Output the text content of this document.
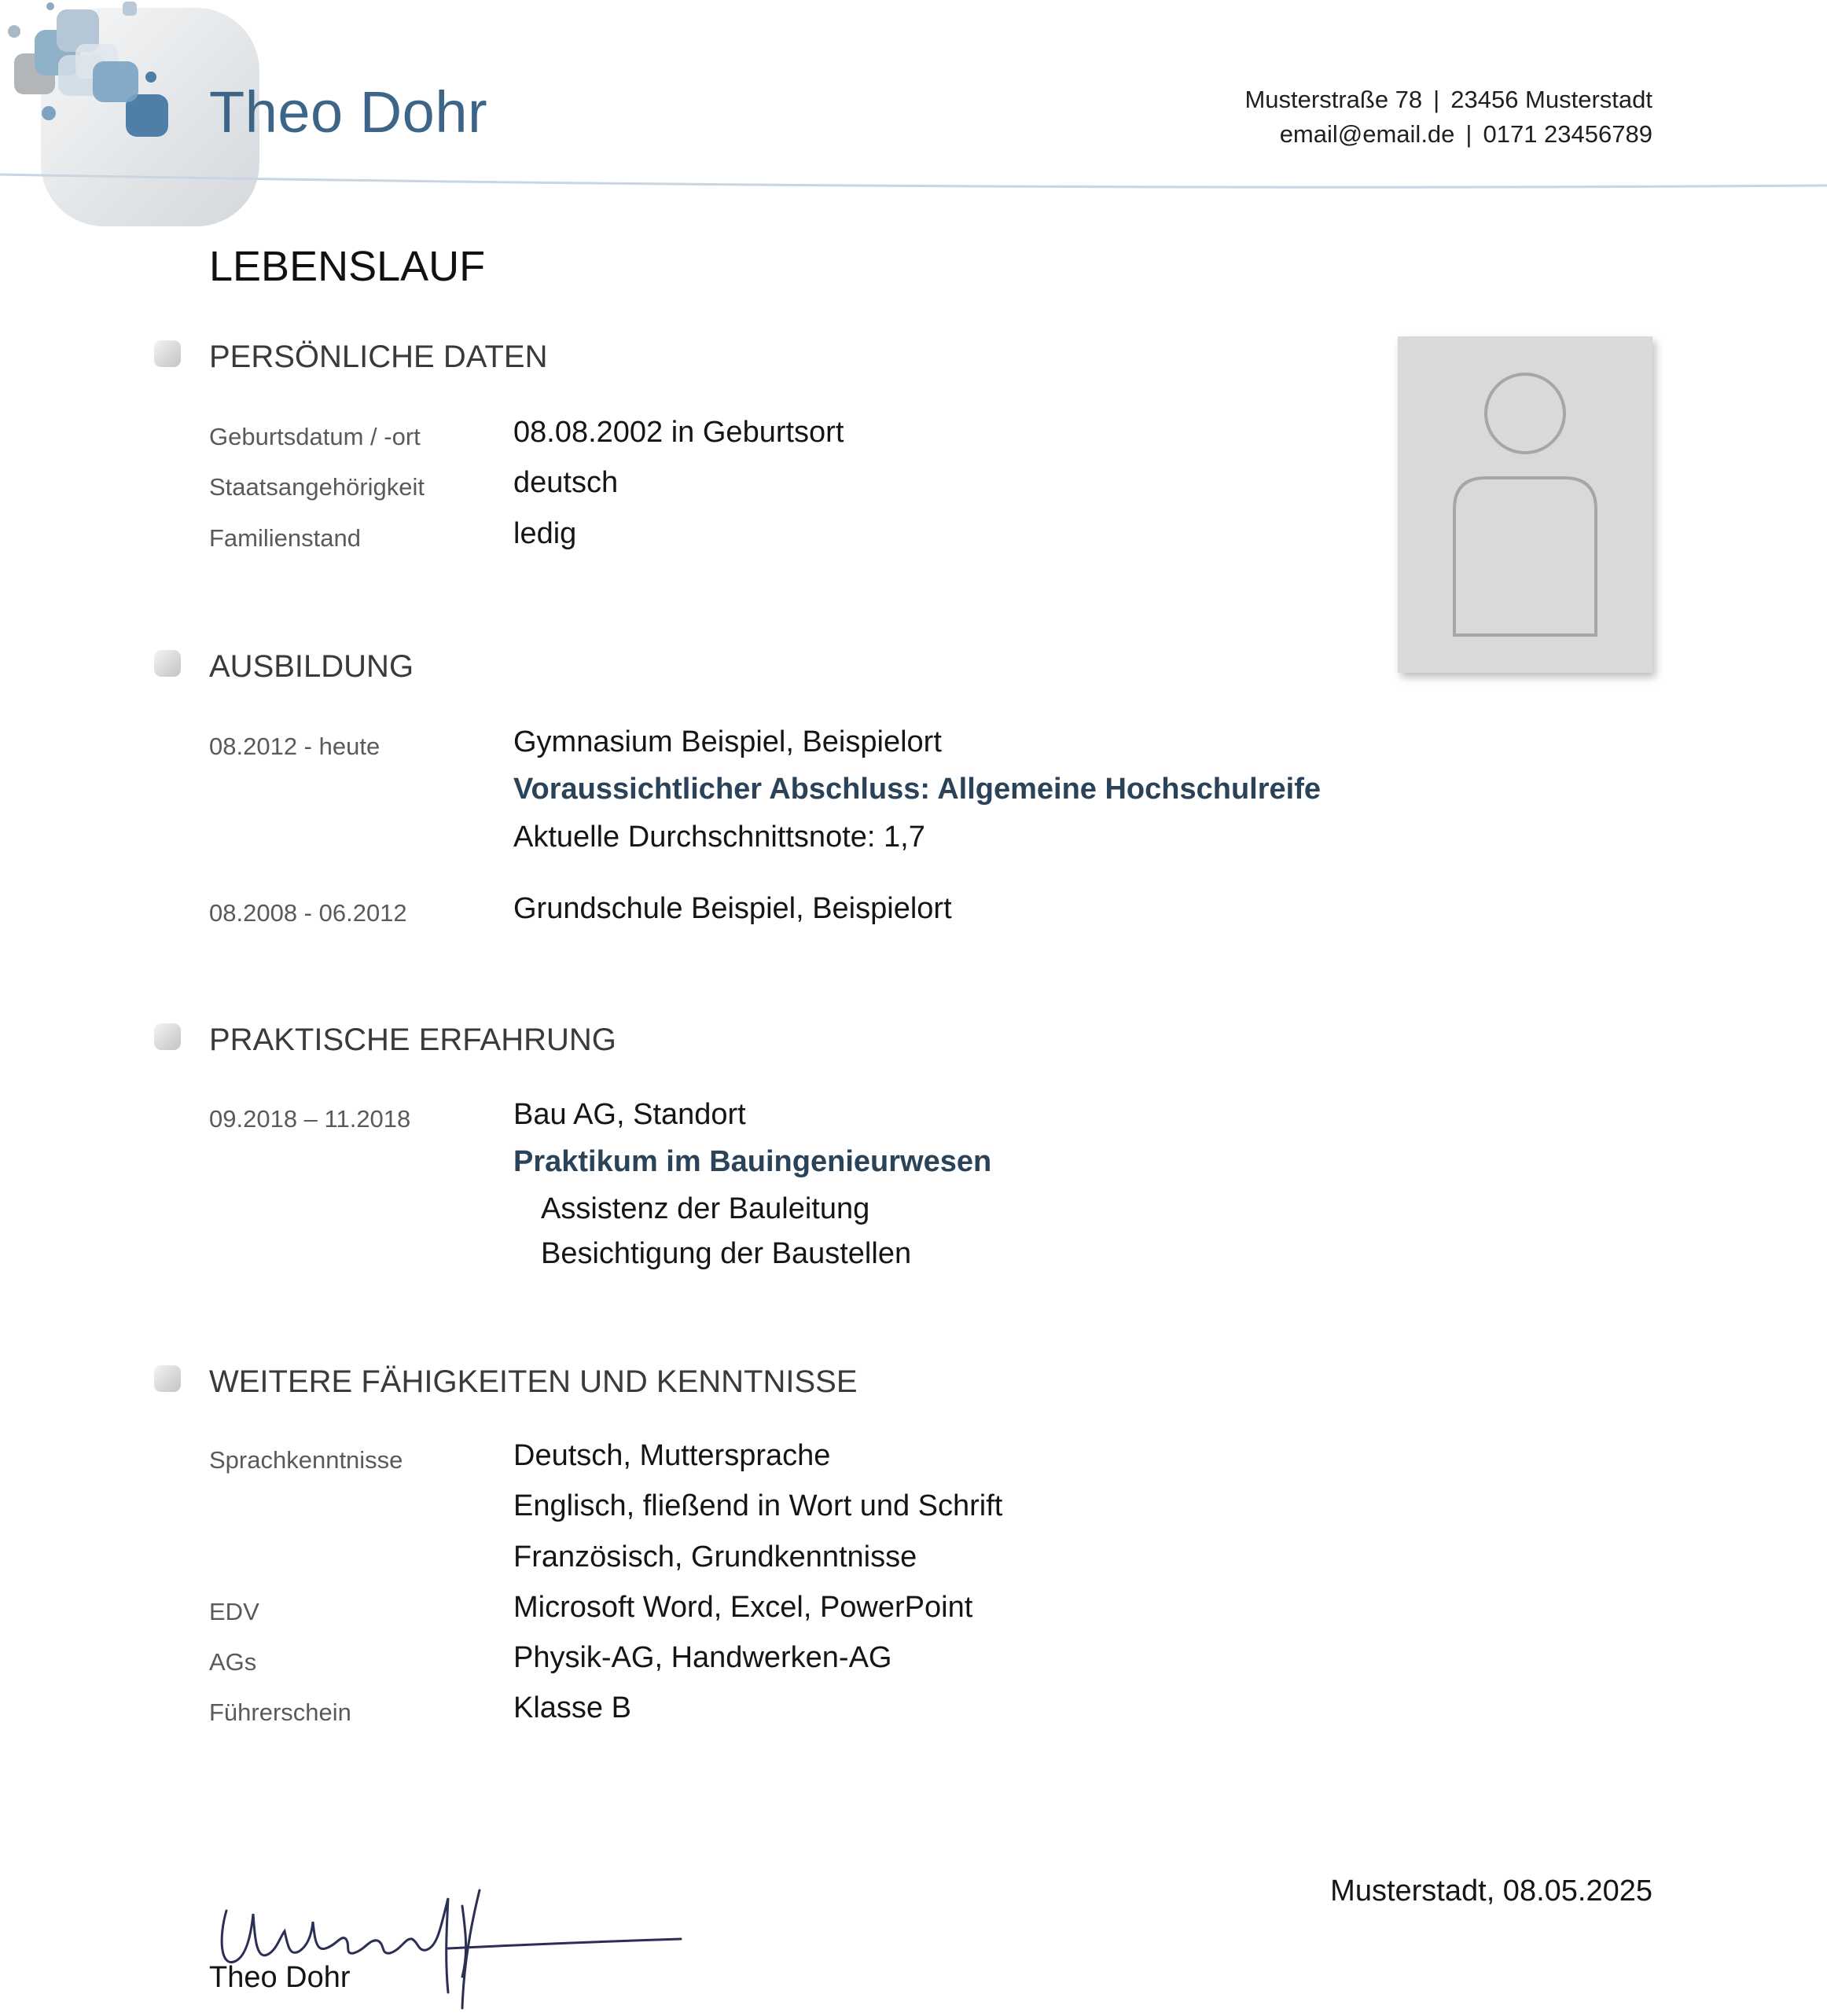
Theo Dohr	Musterstraße 78 | 23456 Musterstadt
email@email.de | 0171 23456789
LEBENSLAUF
PERSÖNLICHE DATEN
Geburtsdatum / -ort	08.08.2002 in Geburtsort
Staatsangehörigkeit	deutsch
Familienstand	ledig
AUSBILDUNG
08.2012 - heute	Gymnasium Beispiel, Beispielort
Voraussichtlicher Abschluss: Allgemeine Hochschulreife
Aktuelle Durchschnittsnote: 1,7
08.2008 - 06.2012	Grundschule Beispiel, Beispielort
PRAKTISCHE ERFAHRUNG
09.2018 – 11.2018	Bau AG, Standort
Praktikum im Bauingenieurwesen
Assistenz der Bauleitung
Besichtigung der Baustellen
WEITERE FÄHIGKEITEN UND KENNTNISSE
Sprachkenntnisse	Deutsch, Muttersprache
Englisch, fließend in Wort und Schrift
Französisch, Grundkenntnisse
EDV	Microsoft Word, Excel, PowerPoint
AGs	Physik-AG, Handwerken-AG
Führerschein	Klasse B
Musterstadt, 08.05.2025
Theo Dohr
